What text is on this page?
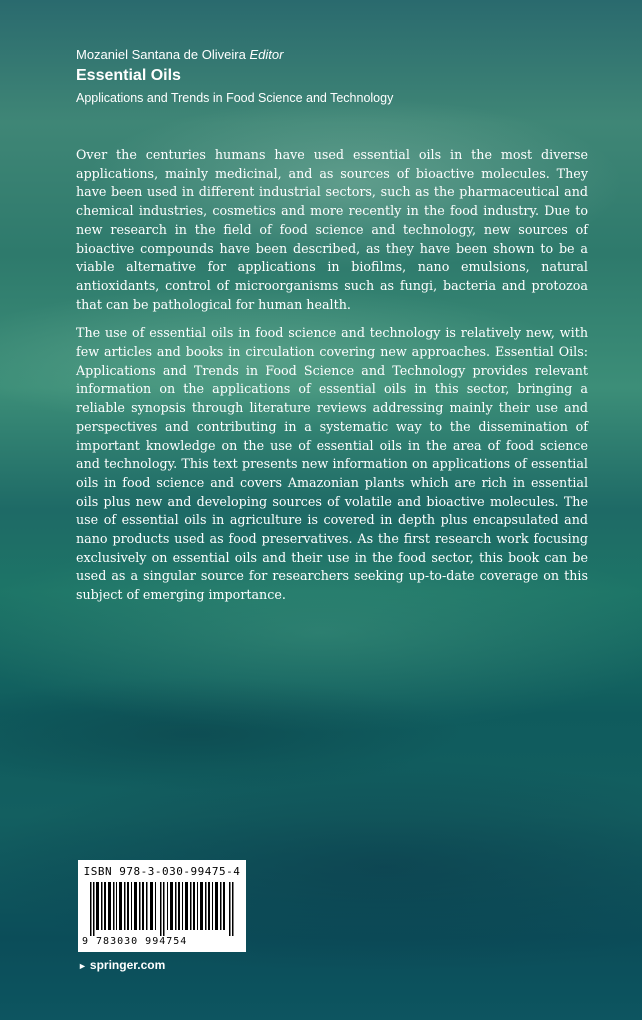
Mozaniel Santana de Oliveira Editor
Essential Oils
Applications and Trends in Food Science and Technology

Over the centuries humans have used essential oils in the most diverse applications, mainly medicinal, and as sources of bioactive molecules. They have been used in different industrial sectors, such as the pharmaceutical and chemical industries, cosmetics and more recently in the food industry. Due to new research in the field of food science and technology, new sources of bioactive compounds have been described, as they have been shown to be a viable alternative for applications in biofilms, nano emulsions, natural antioxidants, control of microorganisms such as fungi, bacteria and protozoa that can be pathological for human health.

The use of essential oils in food science and technology is relatively new, with few articles and books in circulation covering new approaches. Essential Oils: Applications and Trends in Food Science and Technology provides relevant information on the applications of essential oils in this sector, bringing a reliable synopsis through literature reviews addressing mainly their use and perspectives and contributing in a systematic way to the dissemination of important knowledge on the use of essential oils in the area of food science and technology. This text presents new information on applications of essential oils in food science and covers Amazonian plants which are rich in essential oils plus new and developing sources of volatile and bioactive molecules. The use of essential oils in agriculture is covered in depth plus encapsulated and nano products used as food preservatives. As the first research work focusing exclusively on essential oils and their use in the food sector, this book can be used as a singular source for researchers seeking up-to-date coverage on this subject of emerging importance.

ISBN 978-3-030-99475-4
9 783030 994754
► springer.com
